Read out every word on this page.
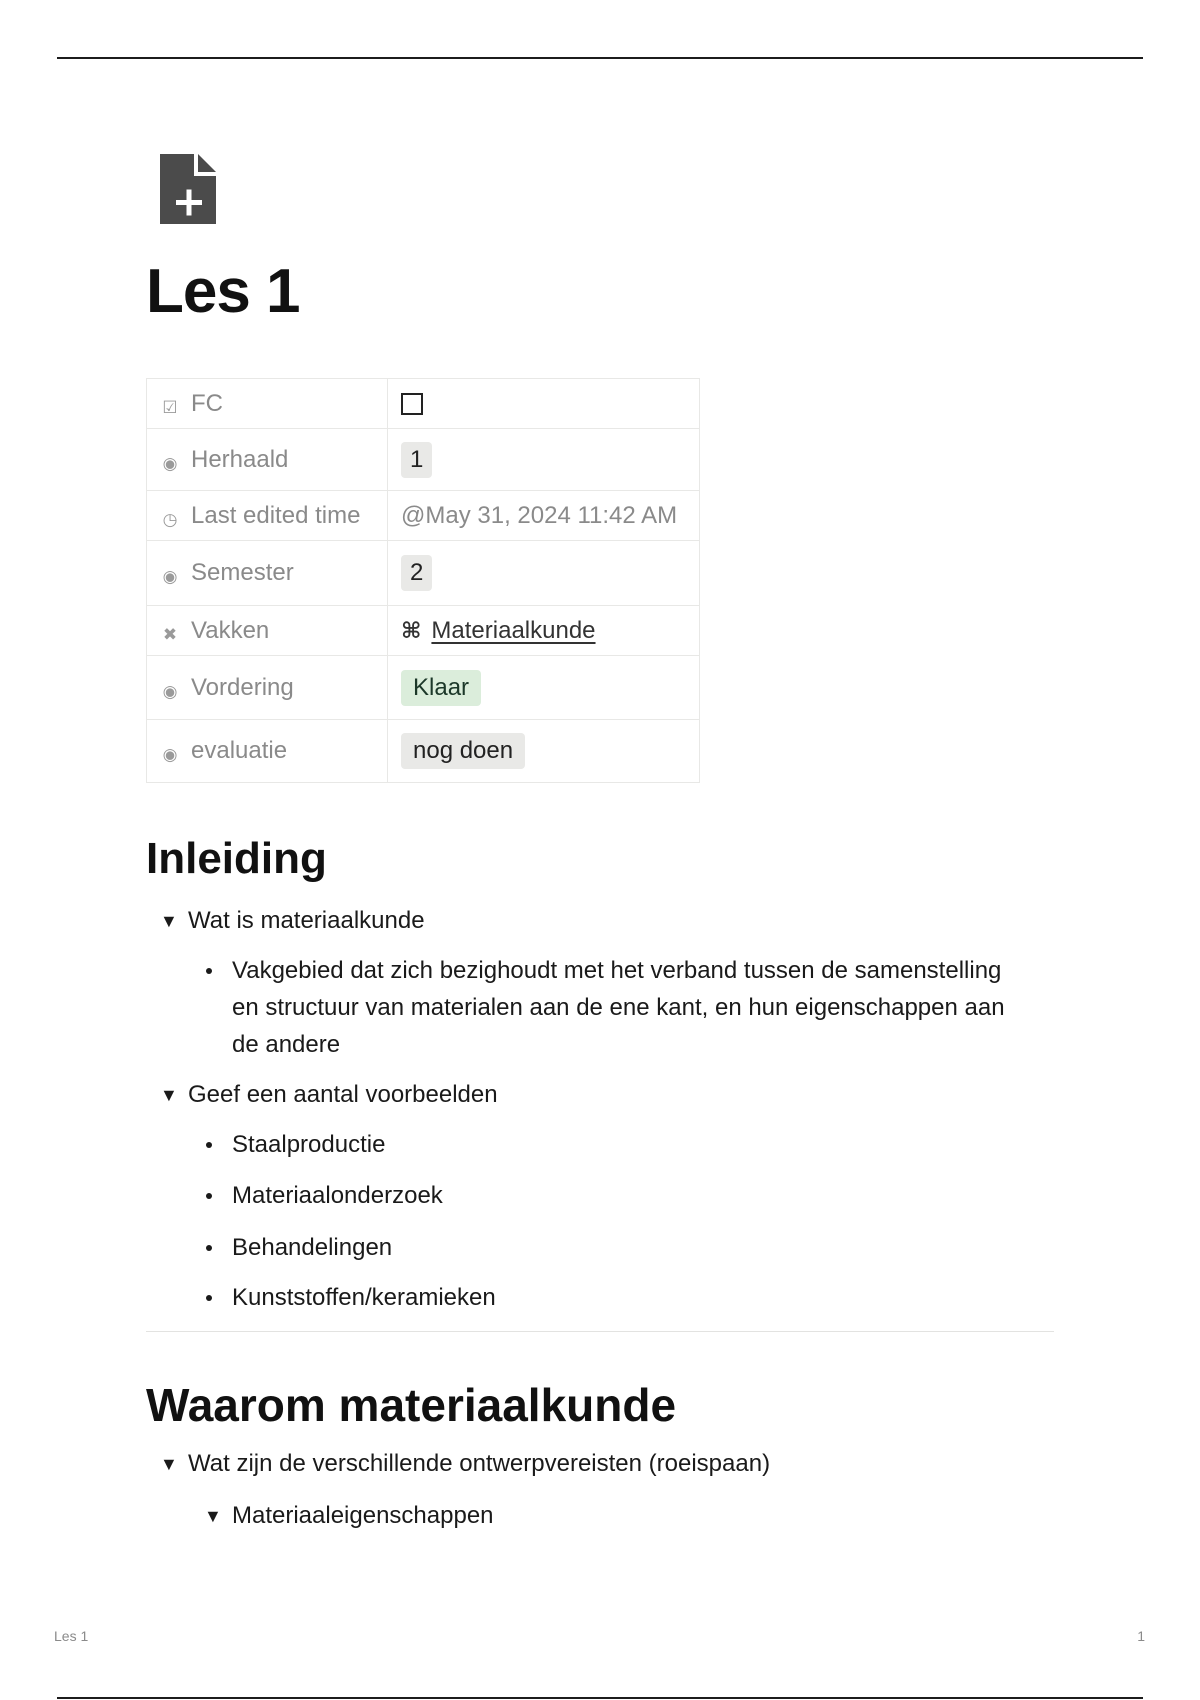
Les 1
☑ FC	
◉ Herhaald	1
◷ Last edited time	@May 31, 2024 11:42 AM
◉ Semester	2
✖ Vakken	⌘ Materiaalkunde
◉ Vordering	Klaar
◉ evaluatie	nog doen
Inleiding
▼ Wat is materiaalkunde
Vakgebied dat zich bezighoudt met het verband tussen de samenstelling en structuur van materialen aan de ene kant, en hun eigenschappen aan de andere
▼ Geef een aantal voorbeelden
Staalproductie
Materiaalonderzoek
Behandelingen
Kunststoffen/keramieken
Waarom materiaalkunde
▼ Wat zijn de verschillende ontwerpvereisten (roeispaan)
▼ Materiaaleigenschappen
Les 1	1
